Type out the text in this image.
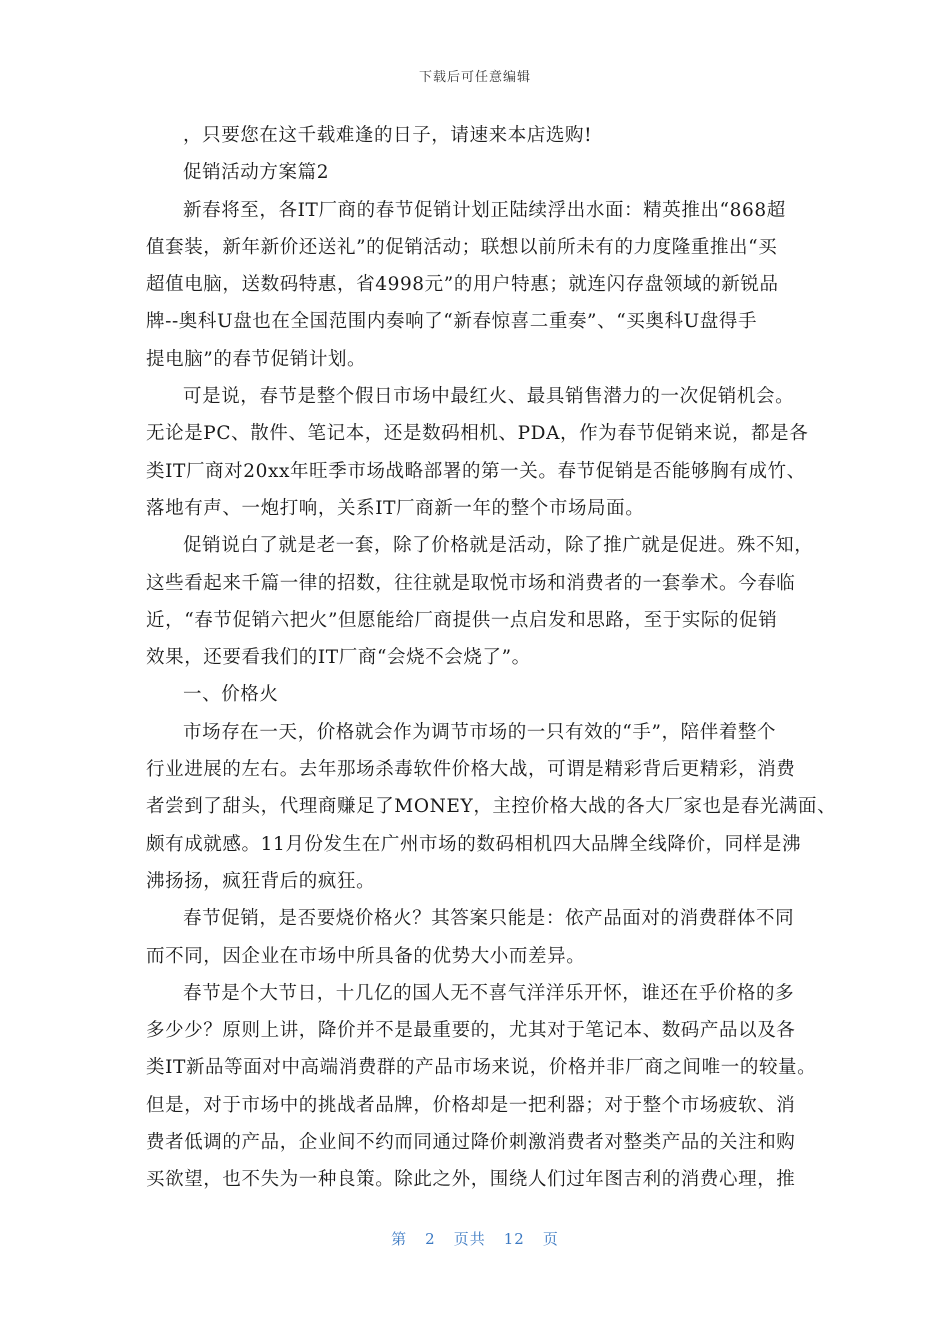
下载后可任意编辑
，只要您在这千载难逢的日子，请速来本店选购!
促销活动方案篇2
新春将至，各IT厂商的春节促销计划正陆续浮出水面：精英推出“868超
值套装，新年新价还送礼”的促销活动；联想以前所未有的力度隆重推出“买
超值电脑，送数码特惠，省4998元”的用户特惠；就连闪存盘领域的新锐品
牌--奥科U盘也在全国范围内奏响了“新春惊喜二重奏”、“买奥科U盘得手
提电脑”的春节促销计划。
可是说，春节是整个假日市场中最红火、最具销售潜力的一次促销机会。
无论是PC、散件、笔记本，还是数码相机、PDA，作为春节促销来说，都是各
类IT厂商对20xx年旺季市场战略部署的第一关。春节促销是否能够胸有成竹、
落地有声、一炮打响，关系IT厂商新一年的整个市场局面。
促销说白了就是老一套，除了价格就是活动，除了推广就是促进。殊不知，
这些看起来千篇一律的招数，往往就是取悦市场和消费者的一套拳术。今春临
近，“春节促销六把火”但愿能给厂商提供一点启发和思路，至于实际的促销
效果，还要看我们的IT厂商“会烧不会烧了”。
一、价格火
市场存在一天，价格就会作为调节市场的一只有效的“手”，陪伴着整个
行业进展的左右。去年那场杀毒软件价格大战，可谓是精彩背后更精彩，消费
者尝到了甜头，代理商赚足了MONEY，主控价格大战的各大厂家也是春光满面、
颇有成就感。11月份发生在广州市场的数码相机四大品牌全线降价，同样是沸
沸扬扬，疯狂背后的疯狂。
春节促销，是否要烧价格火？其答案只能是：依产品面对的消费群体不同
而不同，因企业在市场中所具备的优势大小而差异。
春节是个大节日，十几亿的国人无不喜气洋洋乐开怀，谁还在乎价格的多
多少少？原则上讲，降价并不是最重要的，尤其对于笔记本、数码产品以及各
类IT新品等面对中高端消费群的产品市场来说，价格并非厂商之间唯一的较量。
但是，对于市场中的挑战者品牌，价格却是一把利器；对于整个市场疲软、消
费者低调的产品，企业间不约而同通过降价刺激消费者对整类产品的关注和购
买欲望，也不失为一种良策。除此之外，围绕人们过年图吉利的消费心理，推
第 2 页共 12 页
